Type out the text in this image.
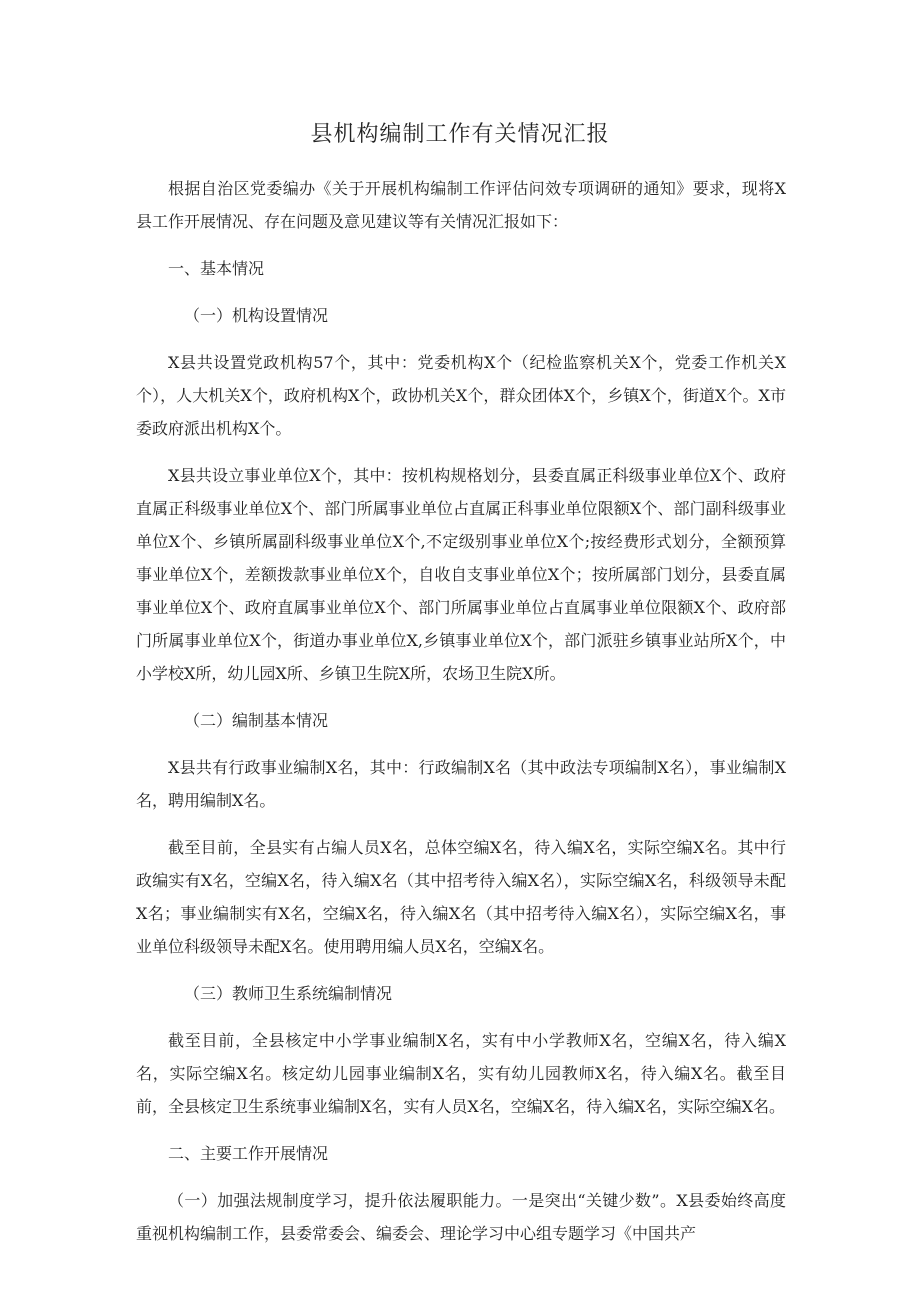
县机构编制工作有关情况汇报

根据自治区党委编办《关于开展机构编制工作评估问效专项调研的通知》要求，现将X县工作开展情况、存在问题及意见建议等有关情况汇报如下：

一、基本情况

（一）机构设置情况

X县共设置党政机构57个，其中：党委机构X个（纪检监察机关X个，党委工作机关X个），人大机关X个，政府机构X个，政协机关X个，群众团体X个，乡镇X个，街道X个。X市委政府派出机构X个。

X县共设立事业单位X个，其中：按机构规格划分，县委直属正科级事业单位X个、政府直属正科级事业单位X个、部门所属事业单位占直属正科事业单位限额X个、部门副科级事业单位X个、乡镇所属副科级事业单位X个,不定级别事业单位X个;按经费形式划分，全额预算事业单位X个，差额拨款事业单位X个，自收自支事业单位X个；按所属部门划分，县委直属事业单位X个、政府直属事业单位X个、部门所属事业单位占直属事业单位限额X个、政府部门所属事业单位X个，街道办事业单位X,乡镇事业单位X个，部门派驻乡镇事业站所X个，中小学校X所，幼儿园X所、乡镇卫生院X所，农场卫生院X所。

（二）编制基本情况

X县共有行政事业编制X名，其中：行政编制X名（其中政法专项编制X名），事业编制X名，聘用编制X名。

截至目前，全县实有占编人员X名，总体空编X名，待入编X名，实际空编X名。其中行政编实有X名，空编X名，待入编X名（其中招考待入编X名），实际空编X名，科级领导未配X名；事业编制实有X名，空编X名，待入编X名（其中招考待入编X名），实际空编X名，事业单位科级领导未配X名。使用聘用编人员X名，空编X名。

（三）教师卫生系统编制情况

截至目前，全县核定中小学事业编制X名，实有中小学教师X名，空编X名，待入编X名，实际空编X名。核定幼儿园事业编制X名，实有幼儿园教师X名，待入编X名。截至目前，全县核定卫生系统事业编制X名，实有人员X名，空编X名，待入编X名，实际空编X名。

二、主要工作开展情况

（一）加强法规制度学习，提升依法履职能力。一是突出“关键少数”。X县委始终高度重视机构编制工作，县委常委会、编委会、理论学习中心组专题学习《中国共产
